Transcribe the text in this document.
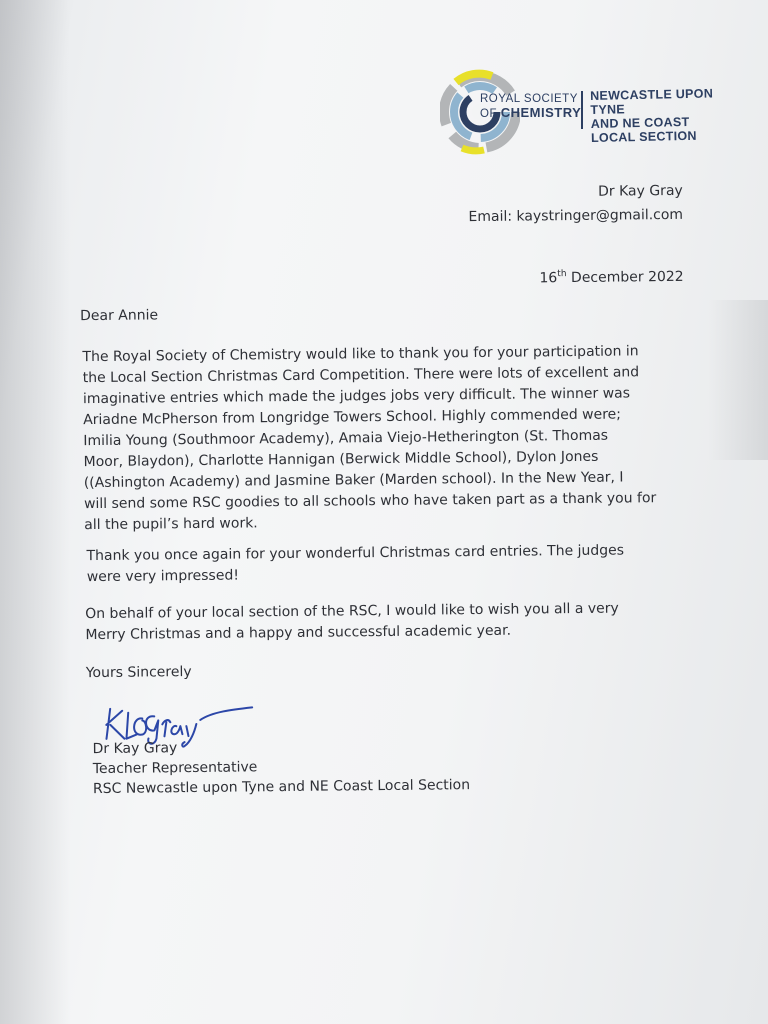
ROYAL SOCIETY
OF CHEMISTRY
NEWCASTLE UPON TYNE
AND NE COAST
LOCAL SECTION
Dr Kay Gray
Email: kaystringer@gmail.com
16th December 2022
Dear Annie
The Royal Society of Chemistry would like to thank you for your participation in
the Local Section Christmas Card Competition. There were lots of excellent and
imaginative entries which made the judges jobs very difficult. The winner was
Ariadne McPherson from Longridge Towers School. Highly commended were;
Imilia Young (Southmoor Academy), Amaia Viejo-Hetherington (St. Thomas
Moor, Blaydon), Charlotte Hannigan (Berwick Middle School), Dylon Jones
((Ashington Academy) and Jasmine Baker (Marden school). In the New Year, I
will send some RSC goodies to all schools who have taken part as a thank you for
all the pupil’s hard work.
Thank you once again for your wonderful Christmas card entries. The judges
were very impressed!
On behalf of your local section of the RSC, I would like to wish you all a very
Merry Christmas and a happy and successful academic year.
Yours Sincerely
Dr Kay Gray
Teacher Representative
RSC Newcastle upon Tyne and NE Coast Local Section
